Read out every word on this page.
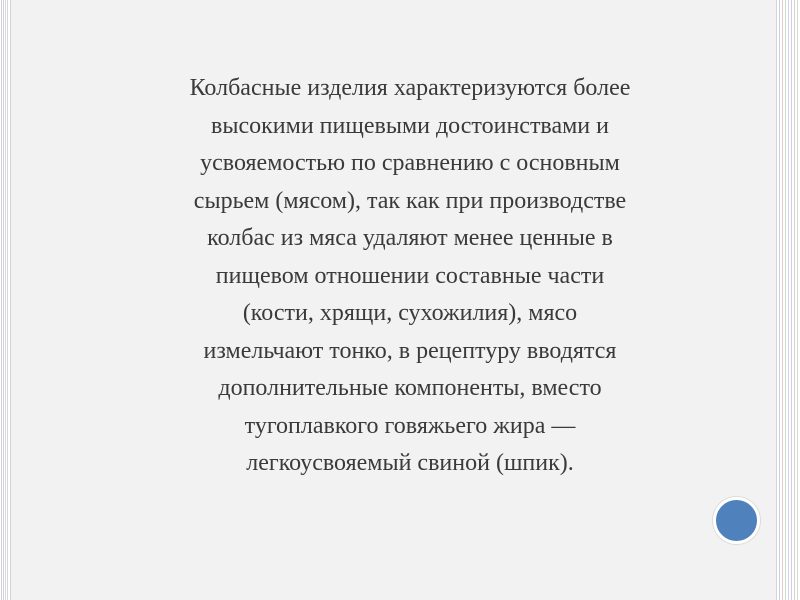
Колбасные изделия характеризуются более
высокими пищевыми достоинствами и
усвояемостью по сравнению с основным
сырьем (мясом), так как при производстве
колбас из мяса удаляют менее ценные в
пищевом отношении составные части
(кости, хрящи, сухожилия), мясо
измельчают тонко, в рецептуру вводятся
дополнительные компоненты, вместо
тугоплавкого говяжьего жира —
легкоусвояемый свиной (шпик).
